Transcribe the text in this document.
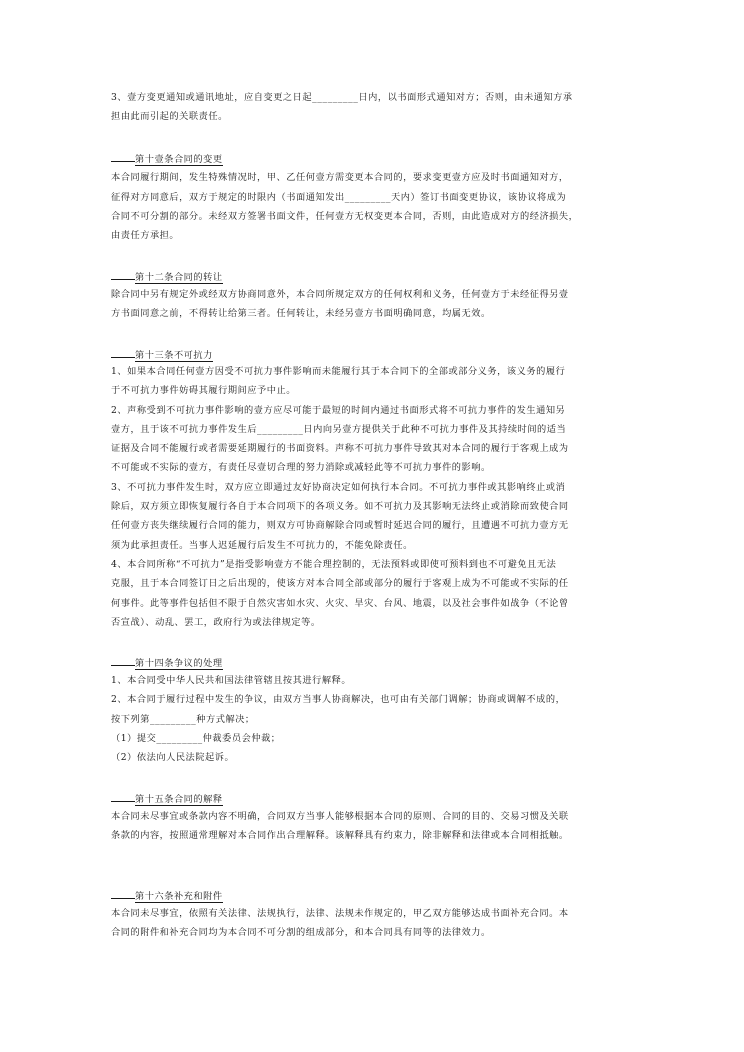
3、壹方变更通知或通讯地址，应自变更之日起_________日内，以书面形式通知对方；否则，由未通知方承
担由此而引起的关联责任。
第十壹条合同的变更
本合同履行期间，发生特殊情况时，甲、乙任何壹方需变更本合同的，要求变更壹方应及时书面通知对方，
征得对方同意后，双方于规定的时限内（书面通知发出_________天内）签订书面变更协议，该协议将成为
合同不可分割的部分。未经双方签署书面文件，任何壹方无权变更本合同，否则，由此造成对方的经济损失，
由责任方承担。
第十二条合同的转让
除合同中另有规定外或经双方协商同意外，本合同所规定双方的任何权利和义务，任何壹方于未经征得另壹
方书面同意之前，不得转让给第三者。任何转让，未经另壹方书面明确同意，均属无效。
第十三条不可抗力
1、如果本合同任何壹方因受不可抗力事件影响而未能履行其于本合同下的全部或部分义务，该义务的履行
于不可抗力事件妨碍其履行期间应予中止。
2、声称受到不可抗力事件影响的壹方应尽可能于最短的时间内通过书面形式将不可抗力事件的发生通知另
壹方，且于该不可抗力事件发生后_________日内向另壹方提供关于此种不可抗力事件及其持续时间的适当
证据及合同不能履行或者需要延期履行的书面资料。声称不可抗力事件导致其对本合同的履行于客观上成为
不可能或不实际的壹方，有责任尽壹切合理的努力消除或减轻此等不可抗力事件的影响。
3、不可抗力事件发生时，双方应立即通过友好协商决定如何执行本合同。不可抗力事件或其影响终止或消
除后，双方须立即恢复履行各自于本合同项下的各项义务。如不可抗力及其影响无法终止或消除而致使合同
任何壹方丧失继续履行合同的能力，则双方可协商解除合同或暂时延迟合同的履行，且遭遇不可抗力壹方无
须为此承担责任。当事人迟延履行后发生不可抗力的，不能免除责任。
4、本合同所称“不可抗力”是指受影响壹方不能合理控制的，无法预料或即使可预料到也不可避免且无法
克服，且于本合同签订日之后出现的，使该方对本合同全部或部分的履行于客观上成为不可能或不实际的任
何事件。此等事件包括但不限于自然灾害如水灾、火灾、旱灾、台风、地震，以及社会事件如战争（不论曾
否宣战）、动乱、罢工，政府行为或法律规定等。
第十四条争议的处理
1、本合同受中华人民共和国法律管辖且按其进行解释。
2、本合同于履行过程中发生的争议，由双方当事人协商解决，也可由有关部门调解；协商或调解不成的，
按下列第_________种方式解决；
（1）提交_________仲裁委员会仲裁；
（2）依法向人民法院起诉。
第十五条合同的解释
本合同未尽事宜或条款内容不明确，合同双方当事人能够根据本合同的原则、合同的目的、交易习惯及关联
条款的内容，按照通常理解对本合同作出合理解释。该解释具有约束力，除非解释和法律或本合同相抵触。
第十六条补充和附件
本合同未尽事宜，依照有关法律、法规执行，法律、法规未作规定的，甲乙双方能够达成书面补充合同。本
合同的附件和补充合同均为本合同不可分割的组成部分，和本合同具有同等的法律效力。
